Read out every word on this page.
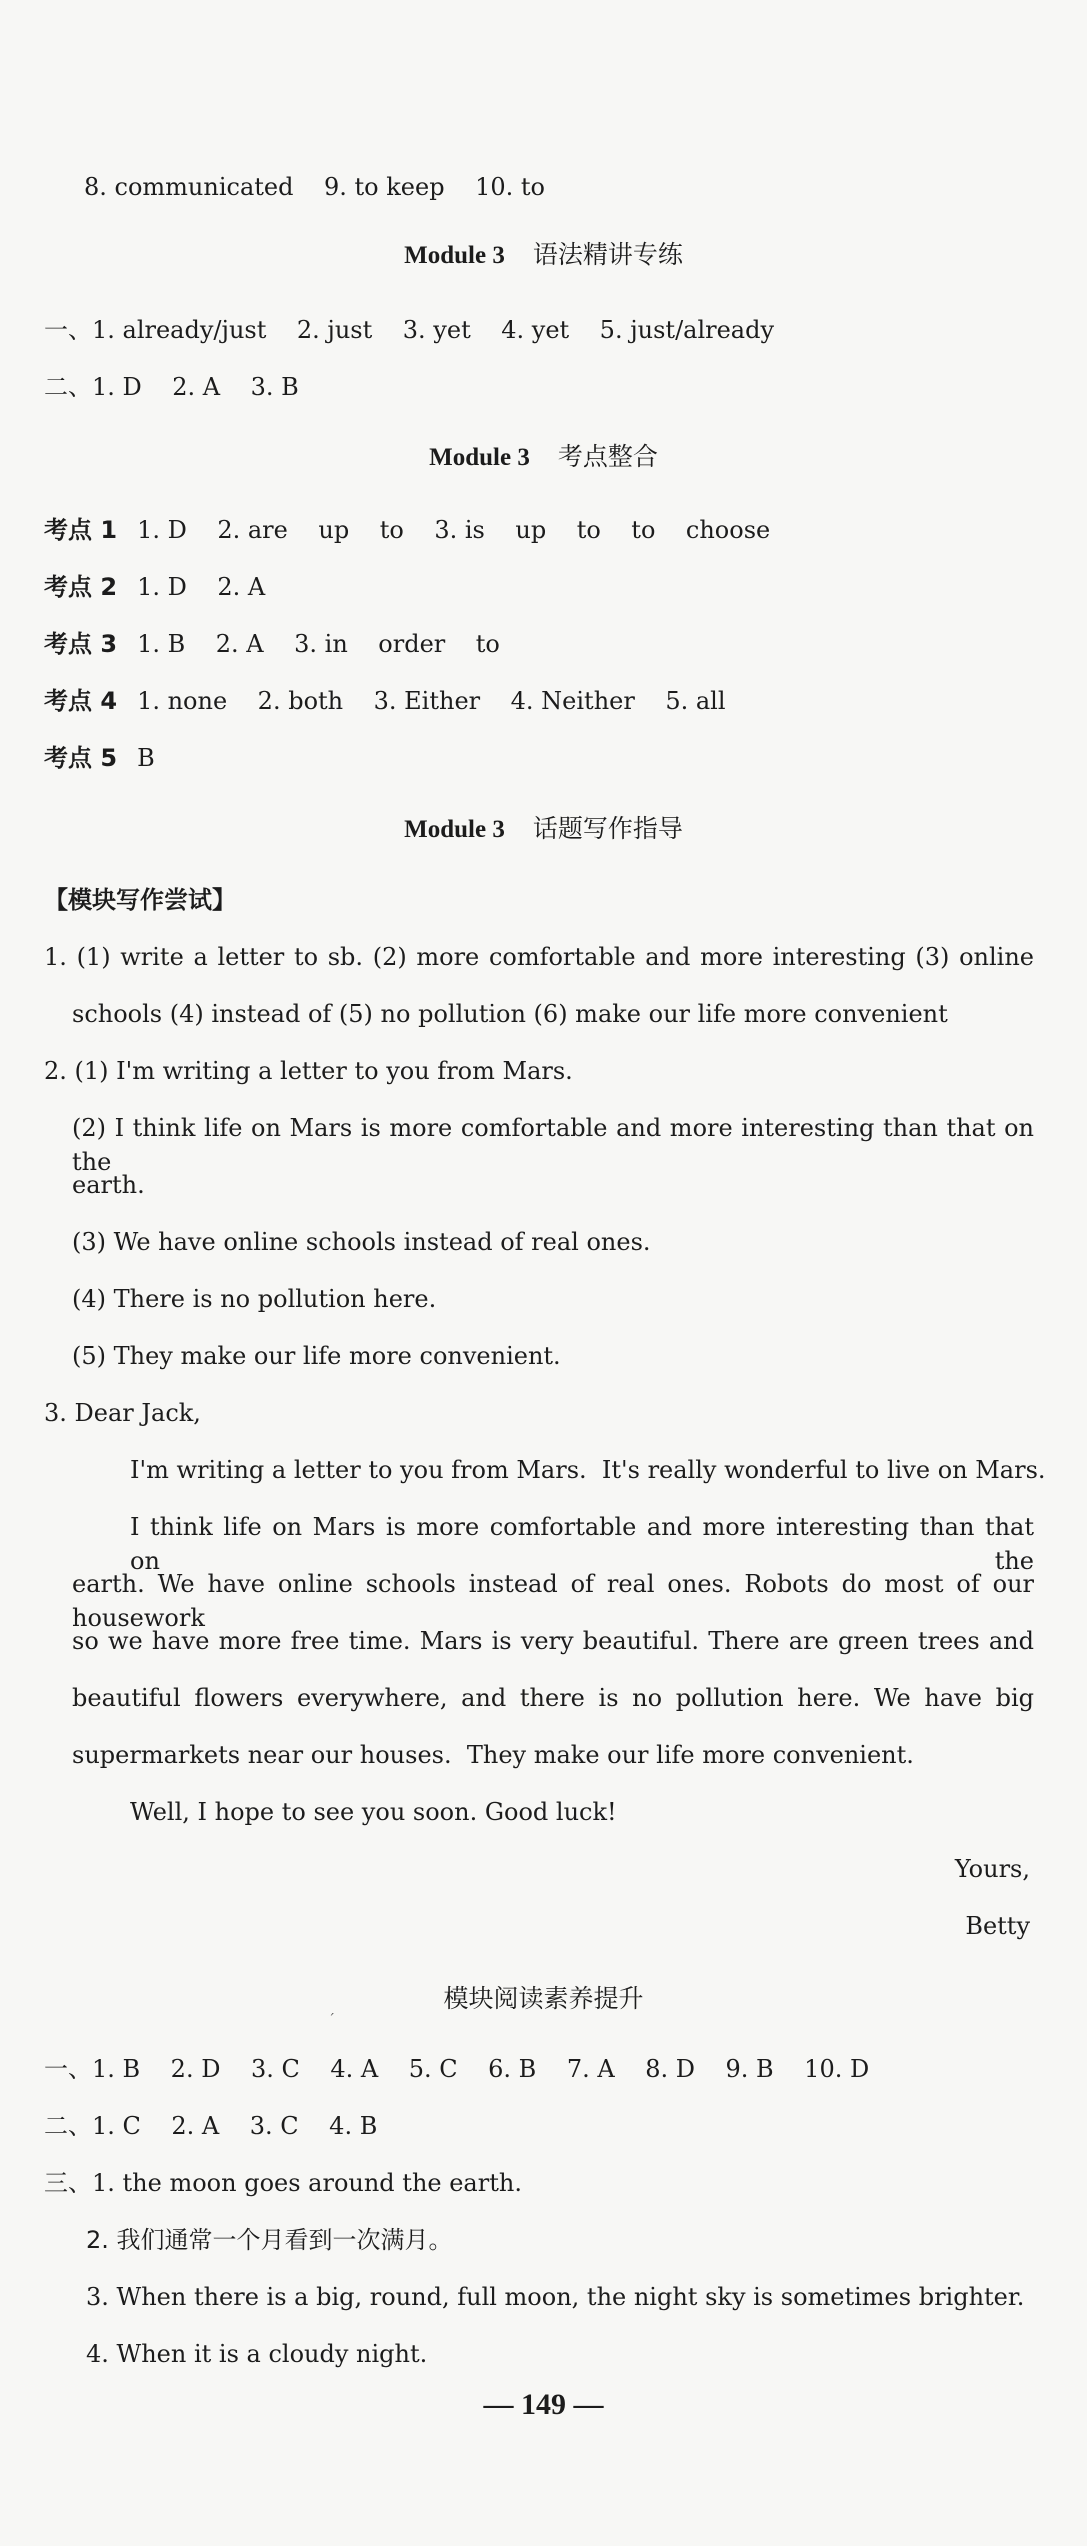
8. communicated    9. to keep    10. to
Module 3 语法精讲专练
一、1. already/just    2. just    3. yet    4. yet    5. just/already
二、1. D    2. A    3. B
Module 3 考点整合
考点 1 1. D    2. are    up    to    3. is    up    to    to    choose
考点 2 1. D    2. A
考点 3 1. B    2. A    3. in    order    to
考点 4 1. none    2. both    3. Either    4. Neither    5. all
考点 5 B
Module 3 话题写作指导
【模块写作尝试】
1. (1) write a letter to sb. (2) more comfortable and more interesting (3) online
schools (4) instead of (5) no pollution (6) make our life more convenient
2. (1) I'm writing a letter to you from Mars.
(2) I think life on Mars is more comfortable and more interesting than that on the
earth.
(3) We have online schools instead of real ones.
(4) There is no pollution here.
(5) They make our life more convenient.
3. Dear Jack,
I'm writing a letter to you from Mars.  It's really wonderful to live on Mars.
I think life on Mars is more comfortable and more interesting than that on the
earth. We have online schools instead of real ones. Robots do most of our housework
so we have more free time. Mars is very beautiful. There are green trees and
beautiful flowers everywhere, and there is no pollution here. We have big
supermarkets near our houses.  They make our life more convenient.
Well, I hope to see you soon. Good luck!
Yours,
Betty
ˊ
模块阅读素养提升
一、1. B    2. D    3. C    4. A    5. C    6. B    7. A    8. D    9. B    10. D
二、1. C    2. A    3. C    4. B
三、1. the moon goes around the earth.
2. 我们通常一个月看到一次满月。
3. When there is a big, round, full moon, the night sky is sometimes brighter.
4. When it is a cloudy night.
— 149 —
